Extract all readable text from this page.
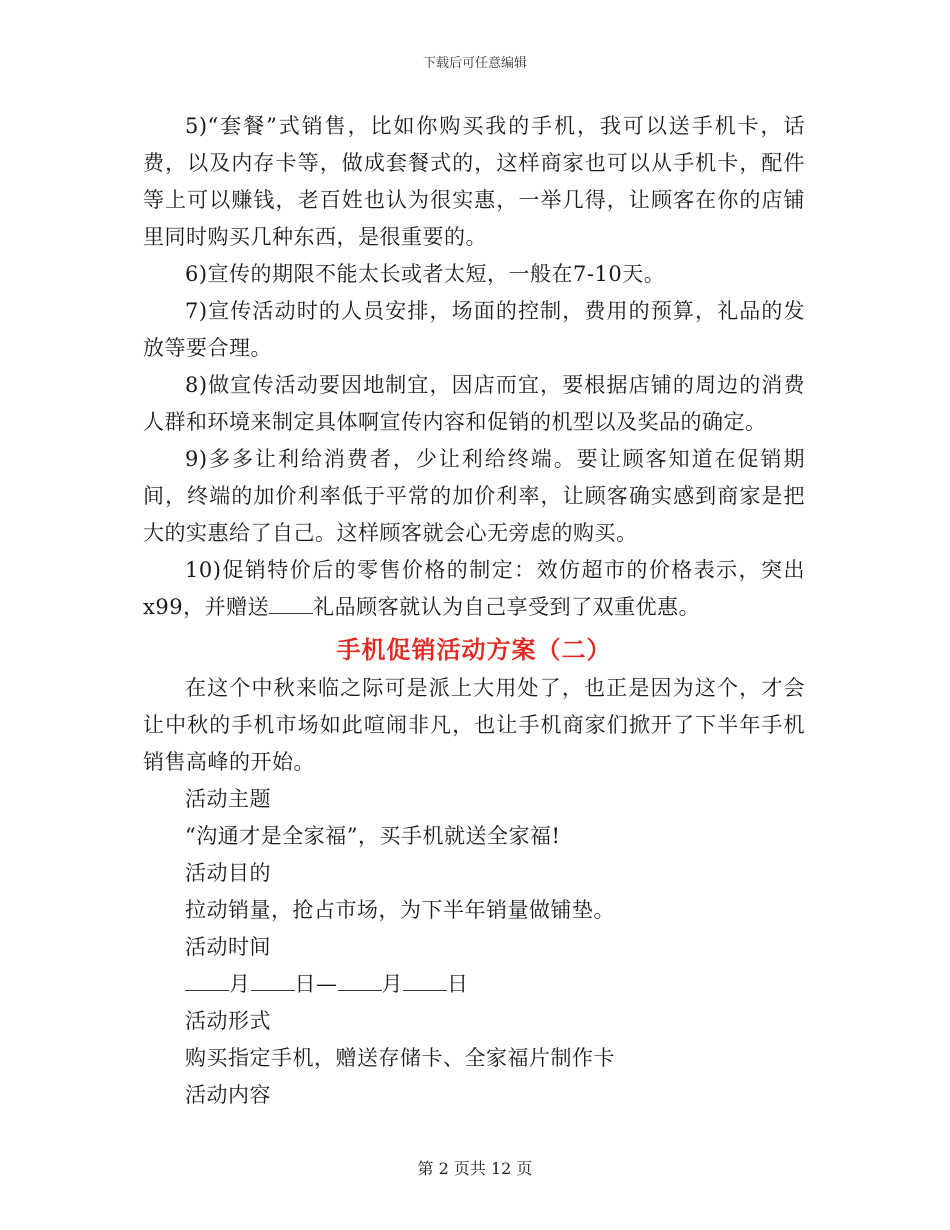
下载后可任意编辑

5)“套餐”式销售，比如你购买我的手机，我可以送手机卡，话费，以及内存卡等，做成套餐式的，这样商家也可以从手机卡，配件等上可以赚钱，老百姓也认为很实惠，一举几得，让顾客在你的店铺里同时购买几种东西，是很重要的。

6)宣传的期限不能太长或者太短，一般在7-10天。

7)宣传活动时的人员安排，场面的控制，费用的预算，礼品的发放等要合理。

8)做宣传活动要因地制宜，因店而宜，要根据店铺的周边的消费人群和环境来制定具体啊宣传内容和促销的机型以及奖品的确定。

9)多多让利给消费者，少让利给终端。要让顾客知道在促销期间，终端的加价利率低于平常的加价利率，让顾客确实感到商家是把大的实惠给了自己。这样顾客就会心无旁虑的购买。

10)促销特价后的零售价格的制定：效仿超市的价格表示，突出x99，并赠送 礼品顾客就认为自己享受到了双重优惠。

手机促销活动方案（二）

在这个中秋来临之际可是派上大用处了，也正是因为这个，才会让中秋的手机市场如此喧闹非凡，也让手机商家们掀开了下半年手机销售高峰的开始。

活动主题

“沟通才是全家福”，买手机就送全家福!

活动目的

拉动销量，抢占市场，为下半年销量做铺垫。

活动时间

月 日— 月 日

活动形式

购买指定手机，赠送存储卡、全家福片制作卡

活动内容

第 2 页共 12 页
